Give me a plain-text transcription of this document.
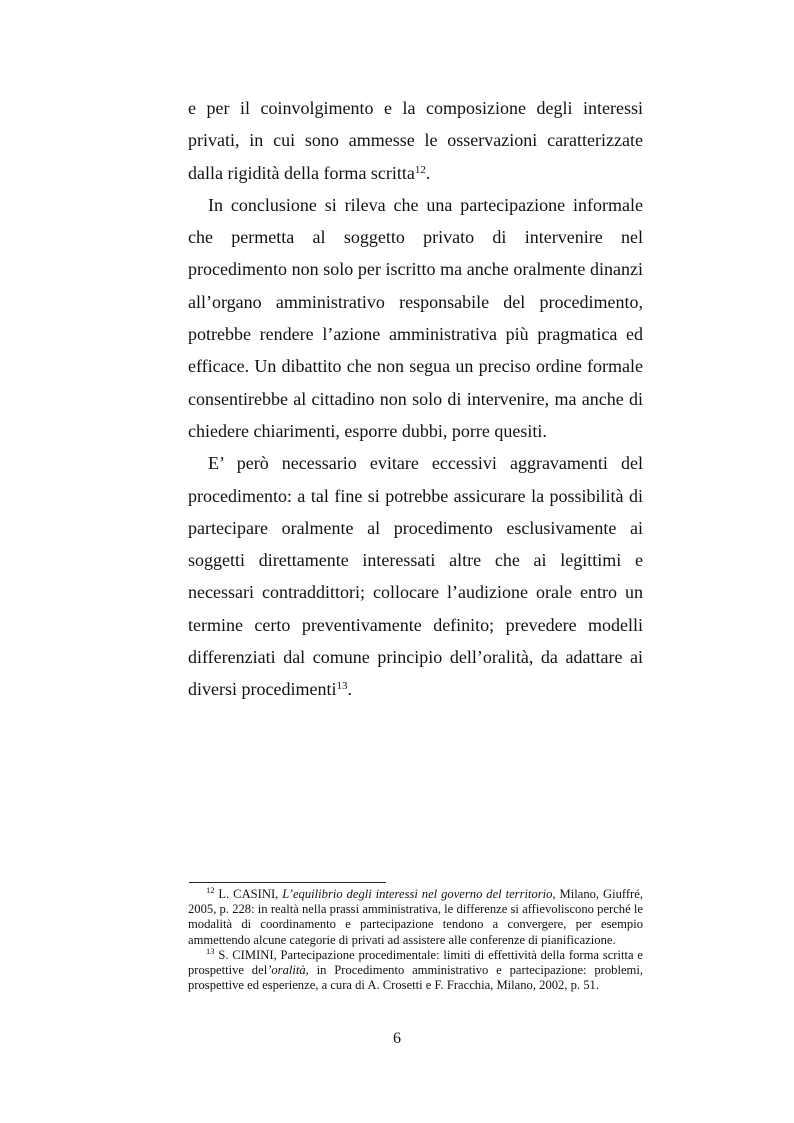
e per il coinvolgimento e la composizione degli interessi privati, in cui sono ammesse le osservazioni caratterizzate dalla rigidità della forma scritta$^{12}$.

In conclusione si rileva che una partecipazione informale che permetta al soggetto privato di intervenire nel procedimento non solo per iscritto ma anche oralmente dinanzi all’organo amministrativo responsabile del procedimento, potrebbe rendere l’azione amministrativa più pragmatica ed efficace. Un dibattito che non segua un preciso ordine formale consentirebbe al cittadino non solo di intervenire, ma anche di chiedere chiarimenti, esporre dubbi, porre quesiti.

E’ però necessario evitare eccessivi aggravamenti del procedimento: a tal fine si potrebbe assicurare la possibilità di partecipare oralmente al procedimento esclusivamente ai soggetti direttamente interessati altre che ai legittimi e necessari contraddittori; collocare l’audizione orale entro un termine certo preventivamente definito; prevedere modelli differenziati dal comune principio dell’oralità, da adattare ai diversi procedimenti$^{13}$.

$^{12}$ L. CASINI, L’equilibrio degli interessi nel governo del territorio, Milano, Giuffré, 2005, p. 228: in realtà nella prassi amministrativa, le differenze si affievoliscono perché le modalità di coordinamento e partecipazione tendono a convergere, per esempio ammettendo alcune categorie di privati ad assistere alle conferenze di pianificazione.

$^{13}$ S. CIMINI, Partecipazione procedimentale: limiti di effettività della forma scritta e prospettive del’oralità, in Procedimento amministrativo e partecipazione: problemi, prospettive ed esperienze, a cura di A. Crosetti e F. Fracchia, Milano, 2002, p. 51.

6
